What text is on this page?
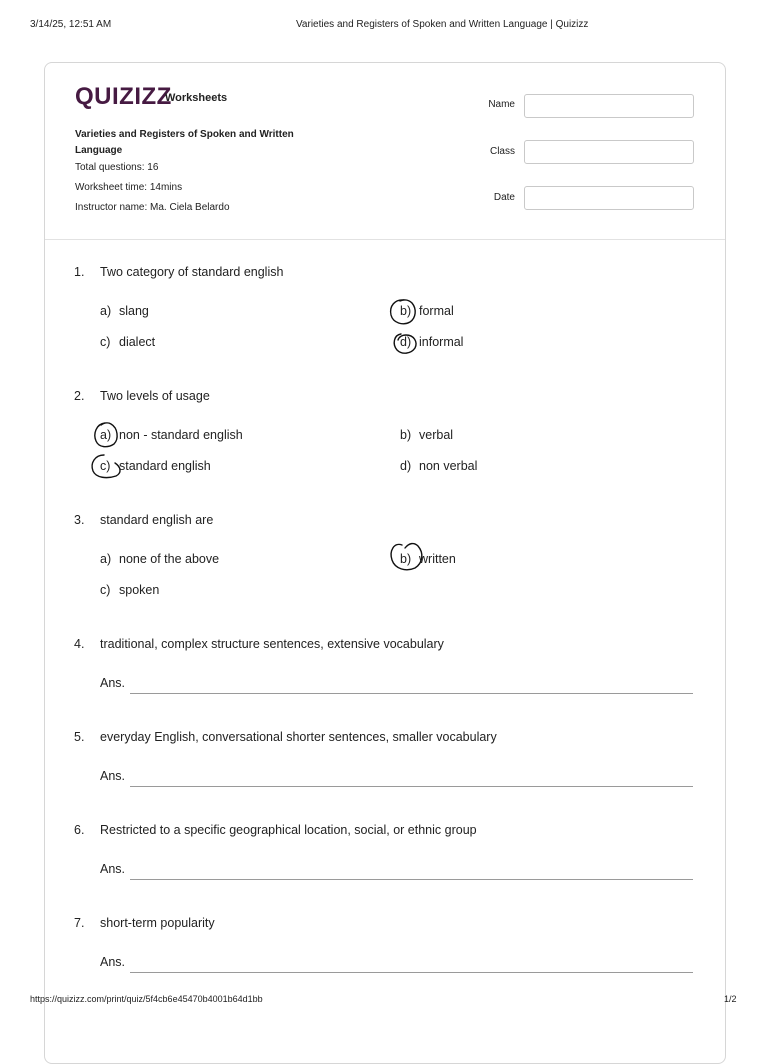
3/14/25, 12:51 AM	Varieties and Registers of Spoken and Written Language | Quizizz
QUIZIZZ
Worksheets
Varieties and Registers of Spoken and Written Language
Total questions: 16
Worksheet time: 14mins
Instructor name: Ma. Ciela Belardo
Name
Class
Date
1. Two category of standard english
a) slang	b) formal
c) dialect	d) informal
2. Two levels of usage
a) non - standard english	b) verbal
c) standard english	d) non verbal
3. standard english are
a) none of the above	b) written
c) spoken
4. traditional, complex structure sentences, extensive vocabulary
Ans.
5. everyday English, conversational shorter sentences, smaller vocabulary
Ans.
6. Restricted to a specific geographical location, social, or ethnic group
Ans.
7. short-term popularity
Ans.
https://quizizz.com/print/quiz/5f4cb6e45470b4001b64d1bb	1/2
